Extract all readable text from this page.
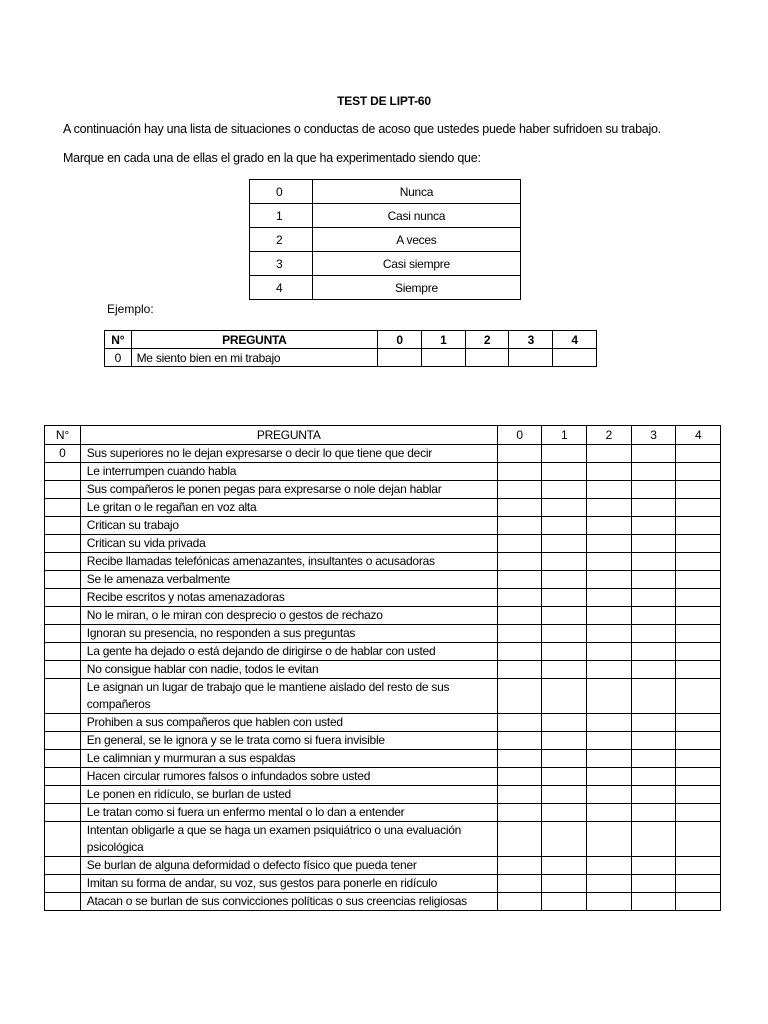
TEST DE LIPT-60
A continuación hay una lista de situaciones o conductas de acoso que ustedes puede haber sufridoen su trabajo.
Marque en cada una de ellas el grado en la que ha experimentado siendo que:
0	Nunca
1	Casi nunca
2	A veces
3	Casi siempre
4	Siempre
Ejemplo:
N°	PREGUNTA	0	1	2	3	4
0	Me siento bien en mi trabajo					
N°	PREGUNTA	0	1	2	3	4
0	Sus superiores no le dejan expresarse o decir lo que tiene que decir					
	Le interrumpen cuando habla					
	Sus compañeros le ponen pegas para expresarse o nole dejan hablar					
	Le gritan o le regañan en voz alta					
	Critican su trabajo					
	Critican su vida privada					
	Recibe llamadas telefónicas amenazantes, insultantes o acusadoras					
	Se le amenaza verbalmente					
	Recibe escritos y notas amenazadoras					
	No le miran, o le miran con desprecio o gestos de rechazo					
	Ignoran su presencia, no responden a sus preguntas					
	La gente ha dejado o está dejando de dirigirse o de hablar con usted					
	No consigue hablar con nadie, todos le evitan					
	Le asignan un lugar de trabajo que le mantiene aislado del resto de sus compañeros					
	Prohiben a sus compañeros que hablen con usted					
	En general, se le ignora y se le trata como si fuera invisible					
	Le calimnian y murmuran a sus espaldas					
	Hacen circular rumores falsos o infundados sobre usted					
	Le ponen en ridículo, se burlan de usted					
	Le tratan como si fuera un enfermo mental o lo dan a entender					
	Intentan obligarle a que se haga un examen psiquiátrico o una evaluación psicológica					
	Se burlan de alguna deformidad o defecto físico que pueda tener					
	Imitan su forma de andar, su voz, sus gestos para ponerle en ridículo					
	Atacan o se burlan de sus convicciones políticas o sus creencias religiosas					
